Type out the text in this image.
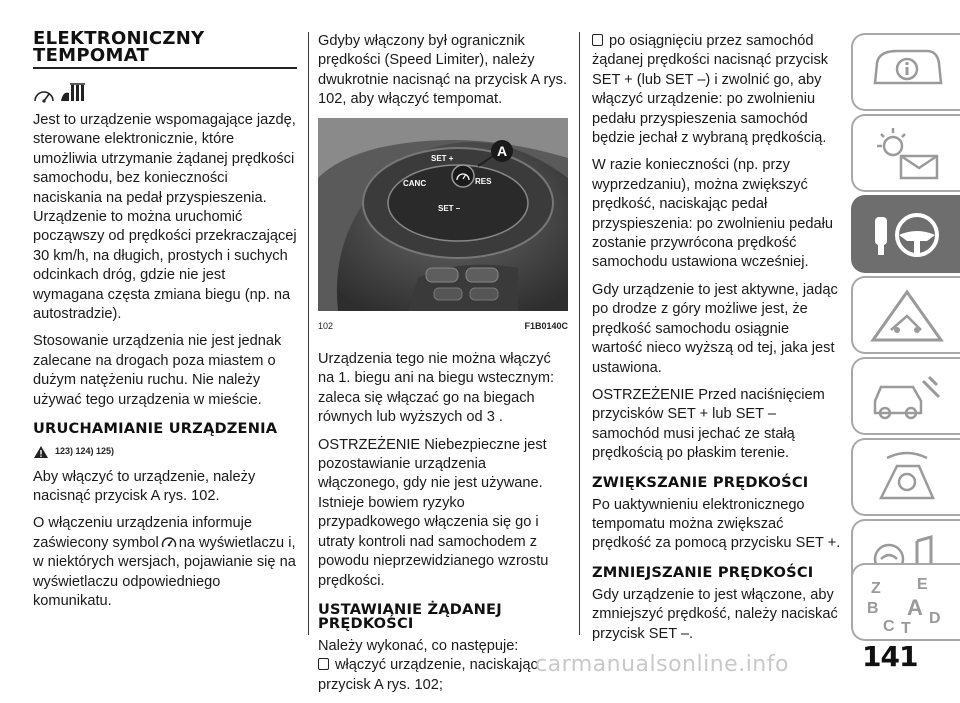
ELEKTRONICZNY TEMPOMAT

Jest to urządzenie wspomagające jazdę, sterowane elektronicznie, które umożliwia utrzymanie żądanej prędkości samochodu, bez konieczności naciskania na pedał przyspieszenia. Urządzenie to można uruchomić począwszy od prędkości przekraczającej 30 km/h, na długich, prostych i suchych odcinkach dróg, gdzie nie jest wymagana częsta zmiana biegu (np. na autostradzie).

Stosowanie urządzenia nie jest jednak zalecane na drogach poza miastem o dużym natężeniu ruchu. Nie należy używać tego urządzenia w mieście.

URUCHAMIANIE URZĄDZENIA
123) 124) 125)

Aby włączyć to urządzenie, należy nacisnąć przycisk A rys. 102.

O włączeniu urządzenia informuje zaświecony symbol na wyświetlaczu i, w niektórych wersjach, pojawianie się na wyświetlaczu odpowiedniego komunikatu.

Gdyby włączony był ogranicznik prędkości (Speed Limiter), należy dwukrotnie nacisnąć na przycisk A rys. 102, aby włączyć tempomat.

A
SET +
CANC	RES
SET –
102	F1B0140C

Urządzenia tego nie można włączyć na 1. biegu ani na biegu wstecznym: zaleca się włączać go na biegach równych lub wyższych od 3 .

OSTRZEŻENIE Niebezpieczne jest pozostawianie urządzenia włączonego, gdy nie jest używane. Istnieje bowiem ryzyko przypadkowego włączenia się go i utraty kontroli nad samochodem z powodu nieprzewidzianego wzrostu prędkości.

USTAWIANIE ŻĄDANEJ PRĘDKOŚCI

Należy wykonać, co następuje:

włączyć urządzenie, naciskając przycisk A rys. 102;

po osiągnięciu przez samochód żądanej prędkości nacisnąć przycisk SET + (lub SET –) i zwolnić go, aby włączyć urządzenie: po zwolnieniu pedału przyspieszenia samochód będzie jechał z wybraną prędkością.

W razie konieczności (np. przy wyprzedzaniu), można zwiększyć prędkość, naciskając pedał przyspieszenia: po zwolnieniu pedału zostanie przywrócona prędkość samochodu ustawiona wcześniej.

Gdy urządzenie to jest aktywne, jadąc po drodze z góry możliwe jest, że prędkość samochodu osiągnie wartość nieco wyższą od tej, jaka jest ustawiona.

OSTRZEŻENIE Przed naciśnięciem przycisków SET + lub SET – samochód musi jechać ze stałą prędkością po płaskim terenie.

ZWIĘKSZANIE PRĘDKOŚCI

Po uaktywnieniu elektronicznego tempomatu można zwiększać prędkość za pomocą przycisku SET +.

ZMNIEJSZANIE PRĘDKOŚCI

Gdy urządzenie to jest włączone, aby zmniejszyć prędkość, należy naciskać przycisk SET –.

Z E
B A
C T
D
141
carmanualsonline.info
